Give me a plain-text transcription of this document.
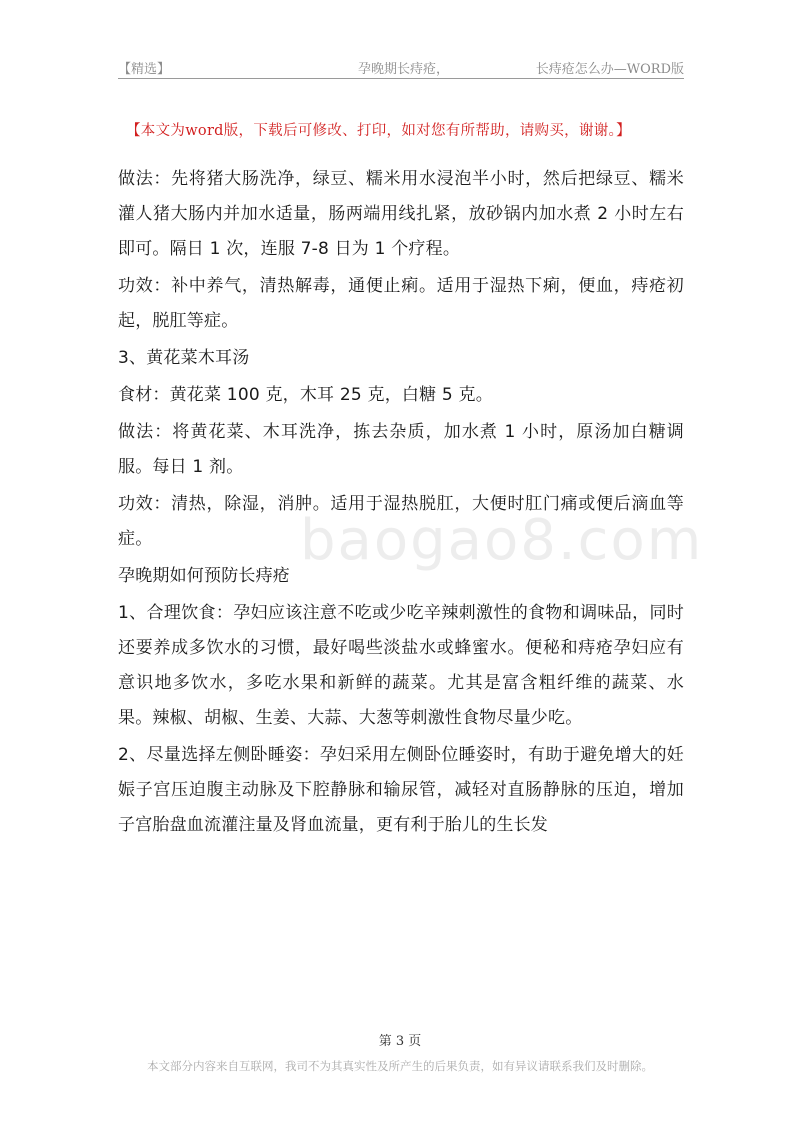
【精选】	孕晚期长痔疮，	长痔疮怎么办—WORD版
【本文为word版，下载后可修改、打印，如对您有所帮助，请购买，谢谢。】
baogao8.com

做法：先将猪大肠洗净，绿豆、糯米用水浸泡半小时，然后把绿豆、糯米灌人猪大肠内并加水适量，肠两端用线扎紧，放砂锅内加水煮 2 小时左右即可。隔日 1 次，连服 7-8 日为 1 个疗程。

功效：补中养气，清热解毒，通便止痢。适用于湿热下痢，便血，痔疮初起，脱肛等症。

3、黄花菜木耳汤

食材：黄花菜 100 克，木耳 25 克，白糖 5 克。

做法：将黄花菜、木耳洗净，拣去杂质，加水煮 1 小时，原汤加白糖调服。每日 1 剂。

功效：清热，除湿，消肿。适用于湿热脱肛，大便时肛门痛或便后滴血等症。

孕晚期如何预防长痔疮

1、合理饮食：孕妇应该注意不吃或少吃辛辣刺激性的食物和调味品，同时还要养成多饮水的习惯，最好喝些淡盐水或蜂蜜水。便秘和痔疮孕妇应有意识地多饮水，多吃水果和新鲜的蔬菜。尤其是富含粗纤维的蔬菜、水果。辣椒、胡椒、生姜、大蒜、大葱等刺激性食物尽量少吃。

2、尽量选择左侧卧睡姿：孕妇采用左侧卧位睡姿时，有助于避免增大的妊娠子宫压迫腹主动脉及下腔静脉和输尿管，减轻对直肠静脉的压迫，增加子宫胎盘血流灌注量及肾血流量，更有利于胎儿的生长发

第 3 页
本文部分内容来自互联网，我司不为其真实性及所产生的后果负责，如有异议请联系我们及时删除。
